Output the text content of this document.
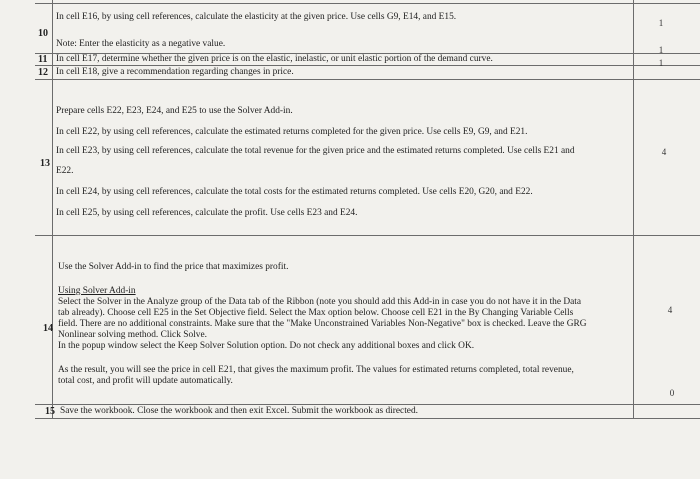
10
In cell E16, by using cell references, calculate the elasticity at the given price. Use cells G9, E14, and E15.
Note: Enter the elasticity as a negative value.
1
11 In cell E17, determine whether the given price is on the elastic, inelastic, or unit elastic portion of the demand curve.
1
12 In cell E18, give a recommendation regarding changes in price.
1
13
Prepare cells E22, E23, E24, and E25 to use the Solver Add-in.
In cell E22, by using cell references, calculate the estimated returns completed for the given price. Use cells E9, G9, and E21.
In cell E23, by using cell references, calculate the total revenue for the given price and the estimated returns completed. Use cells E21 and
E22.
In cell E24, by using cell references, calculate the total costs for the estimated returns completed. Use cells E20, G20, and E22.
In cell E25, by using cell references, calculate the profit. Use cells E23 and E24.
4
14
Use the Solver Add-in to find the price that maximizes profit.
Using Solver Add-in
Select the Solver in the Analyze group of the Data tab of the Ribbon (note you should add this Add-in in case you do not have it in the Data
tab already). Choose cell E25 in the Set Objective field. Select the Max option below. Choose cell E21 in the By Changing Variable Cells
field. There are no additional constraints. Make sure that the "Make Unconstrained Variables Non-Negative" box is checked. Leave the GRG
Nonlinear solving method. Click Solve.
In the popup window select the Keep Solver Solution option. Do not check any additional boxes and click OK.
As the result, you will see the price in cell E21, that gives the maximum profit. The values for estimated returns completed, total revenue,
total cost, and profit will update automatically.
4
15 Save the workbook. Close the workbook and then exit Excel. Submit the workbook as directed.
0
